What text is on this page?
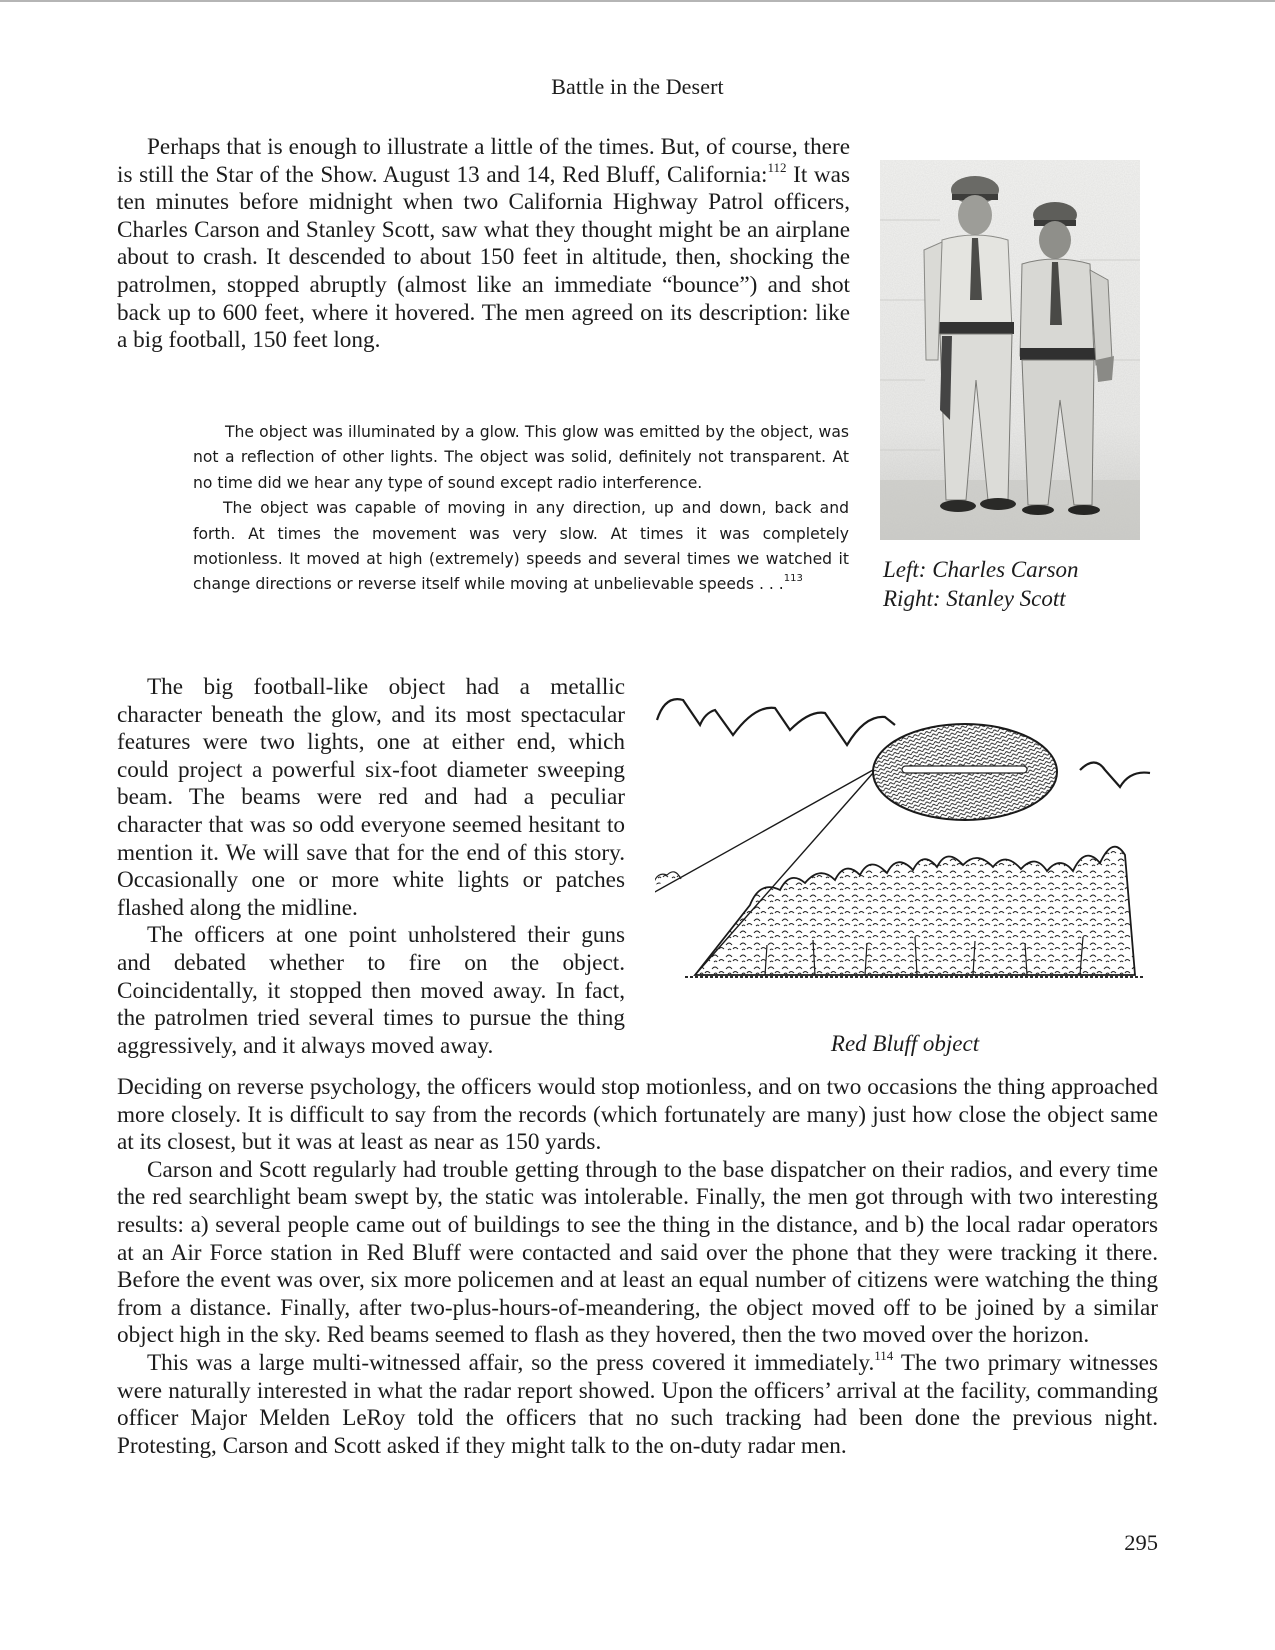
Battle in the Desert

Perhaps that is enough to illustrate a little of the times. But, of course, there is still the Star of the Show. August 13 and 14, Red Bluff, California:$^{112}$ It was ten minutes before midnight when two California Highway Patrol officers, Charles Carson and Stanley Scott, saw what they thought might be an airplane about to crash. It descended to about 150 feet in altitude, then, shocking the patrolmen, stopped abruptly (almost like an immediate “bounce”) and shot back up to 600 feet, where it hovered. The men agreed on its description: like a big football, 150 feet long.

The object was illuminated by a glow. This glow was emitted by the object, was not a reflection of other lights. The object was solid, definitely not transparent. At no time did we hear any type of sound except radio interference.

The object was capable of moving in any direction, up and down, back and forth. At times the movement was very slow. At times it was completely motionless. It moved at high (extremely) speeds and several times we watched it change directions or reverse itself while moving at unbelievable speeds . . .$^{113}$	Left: Charles Carson
Right: Stanley Scott

The big football-like object had a metallic character beneath the glow, and its most spectacular features were two lights, one at either end, which could project a powerful six-foot diameter sweeping beam. The beams were red and had a peculiar character that was so odd everyone seemed hesitant to mention it. We will save that for the end of this story. Occasionally one or more white lights or patches flashed along the midline.

The officers at one point unholstered their guns and debated whether to fire on the object. Coincidentally, it stopped then moved away. In fact, the patrolmen tried several times to pursue the thing aggressively, and it always moved away.	Red Bluff object

Deciding on reverse psychology, the officers would stop motionless, and on two occasions the thing approached more closely. It is difficult to say from the records (which fortunately are many) just how close the object same at its closest, but it was at least as near as 150 yards.

Carson and Scott regularly had trouble getting through to the base dispatcher on their radios, and every time the red searchlight beam swept by, the static was intolerable. Finally, the men got through with two interesting results: a) several people came out of buildings to see the thing in the distance, and b) the local radar operators at an Air Force station in Red Bluff were contacted and said over the phone that they were tracking it there. Before the event was over, six more policemen and at least an equal number of citizens were watching the thing from a distance. Finally, after two-plus-hours-of-meandering, the object moved off to be joined by a similar object high in the sky. Red beams seemed to flash as they hovered, then the two moved over the horizon.

This was a large multi-witnessed affair, so the press covered it immediately.$^{114}$ The two primary witnesses were naturally interested in what the radar report showed. Upon the officers’ arrival at the facility, commanding officer Major Melden LeRoy told the officers that no such tracking had been done the previous night. Protesting, Carson and Scott asked if they might talk to the on-duty radar men.

295
